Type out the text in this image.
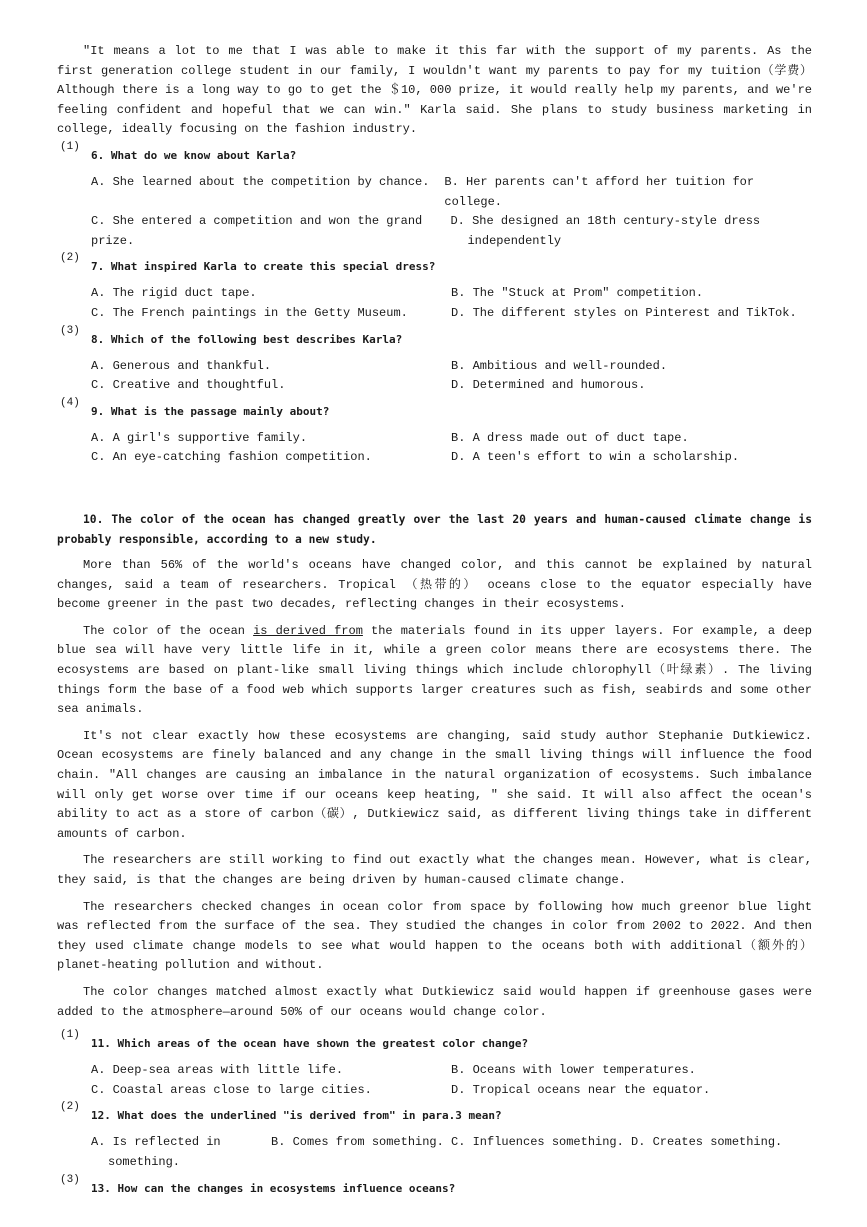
"It means a lot to me that I was able to make it this far with the support of my parents. As the first generation college student in our family, I wouldn't want my parents to pay for my tuition（学费）Although there is a long way to go to get the ＄10, 000 prize, it would really help my parents, and we're feeling confident and hopeful that we can win." Karla said. She plans to study business marketing in college, ideally focusing on the fashion industry.

(1)
6. What do we know about Karla?
A. She learned about the competition by chance.	B. Her parents can't afford her tuition for college.
C. She entered a competition and won the grand prize.
D. She designed an 18th century-style dress independently
(2)
7. What inspired Karla to create this special dress?
A. The rigid duct tape.	B. The "Stuck at Prom" competition.
C. The French paintings in the Getty Museum.	D. The different styles on Pinterest and TikTok.
(3)
8. Which of the following best describes Karla?
A. Generous and thankful.	B. Ambitious and well-rounded.
C. Creative and thoughtful.	D. Determined and humorous.
(4)
9. What is the passage mainly about?
A. A girl's supportive family.	B. A dress made out of duct tape.
C. An eye-catching fashion competition.	D. A teen's effort to win a scholarship.
10. The color of the ocean has changed greatly over the last 20 years and human-caused climate change is probably responsible, according to a new study.

More than 56% of the world's oceans have changed color, and this cannot be explained by natural changes, said a team of researchers. Tropical （热带的） oceans close to the equator especially have become greener in the past two decades, reflecting changes in their ecosystems.

The color of the ocean is derived from the materials found in its upper layers. For example, a deep blue sea will have very little life in it, while a green color means there are ecosystems there. The ecosystems are based on plant-like small living things which include chlorophyll（叶绿素）. The living things form the base of a food web which supports larger creatures such as fish, seabirds and some other sea animals.

It's not clear exactly how these ecosystems are changing, said study author Stephanie Dutkiewicz. Ocean ecosystems are finely balanced and any change in the small living things will influence the food chain. "All changes are causing an imbalance in the natural organization of ecosystems. Such imbalance will only get worse over time if our oceans keep heating, " she said. It will also affect the ocean's ability to act as a store of carbon（碳）, Dutkiewicz said, as different living things take in different amounts of carbon.

The researchers are still working to find out exactly what the changes mean. However, what is clear, they said, is that the changes are being driven by human-caused climate change.

The researchers checked changes in ocean color from space by following how much greenor blue light was reflected from the surface of the sea. They studied the changes in color from 2002 to 2022. And then they used climate change models to see what would happen to the oceans both with additional（额外的） planet-heating pollution and without.

The color changes matched almost exactly what Dutkiewicz said would happen if greenhouse gases were added to the atmosphere—around 50% of our oceans would change color.

(1)
11. Which areas of the ocean have shown the greatest color change?
A. Deep-sea areas with little life.	B. Oceans with lower temperatures.
C. Coastal areas close to large cities.	D. Tropical oceans near the equator.
(2)
12. What does the underlined "is derived from" in para.3 mean?
A. Is reflected in something.
B. Comes from something. C. Influences something. D. Creates something.
(3)
13. How can the changes in ecosystems influence oceans?
